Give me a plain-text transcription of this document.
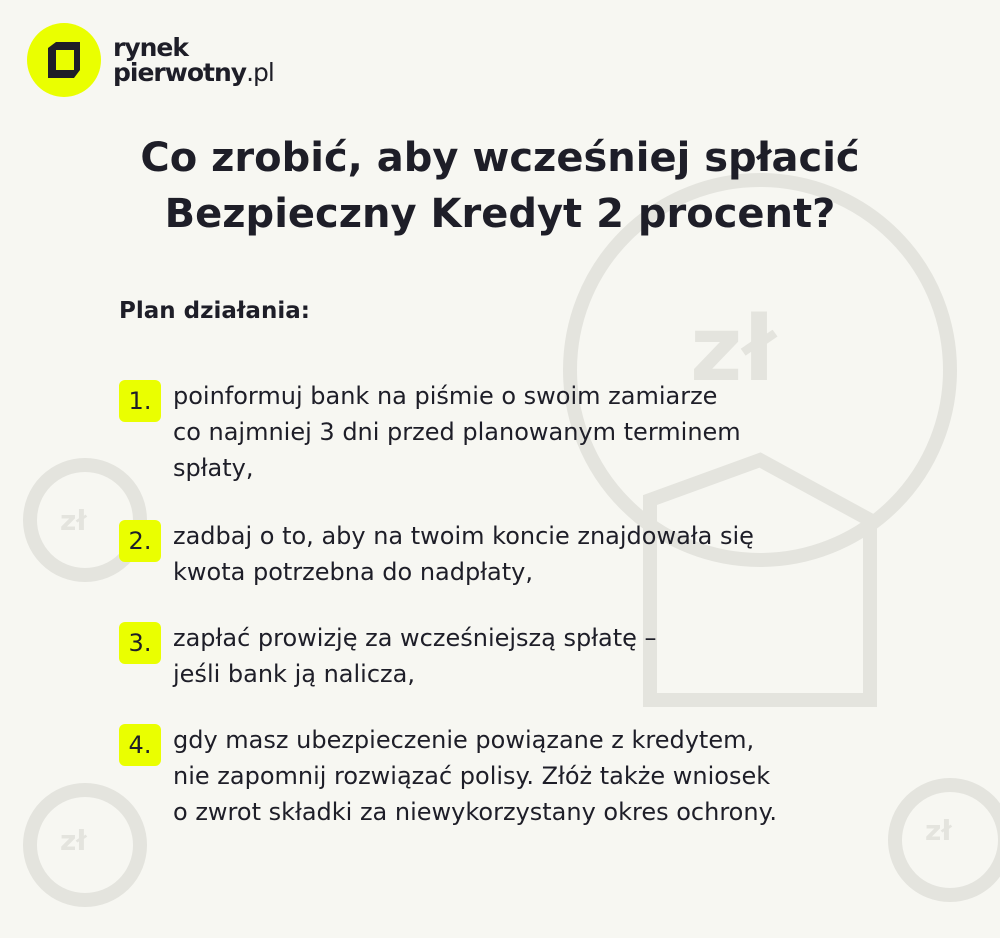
zł
zł
zł	zł
rynek
pierwotny.pl
Co zrobić, aby wcześniej spłacić Bezpieczny Kredyt 2 procent?
Plan działania:
1. poinformuj bank na piśmie o swoim zamiarze
co najmniej 3 dni przed planowanym terminem
spłaty,
2. zadbaj o to, aby na twoim koncie znajdowała się
kwota potrzebna do nadpłaty,
3. zapłać prowizję za wcześniejszą spłatę –
jeśli bank ją nalicza,
4. gdy masz ubezpieczenie powiązane z kredytem,
nie zapomnij rozwiązać polisy. Złóż także wniosek
o zwrot składki za niewykorzystany okres ochrony.
